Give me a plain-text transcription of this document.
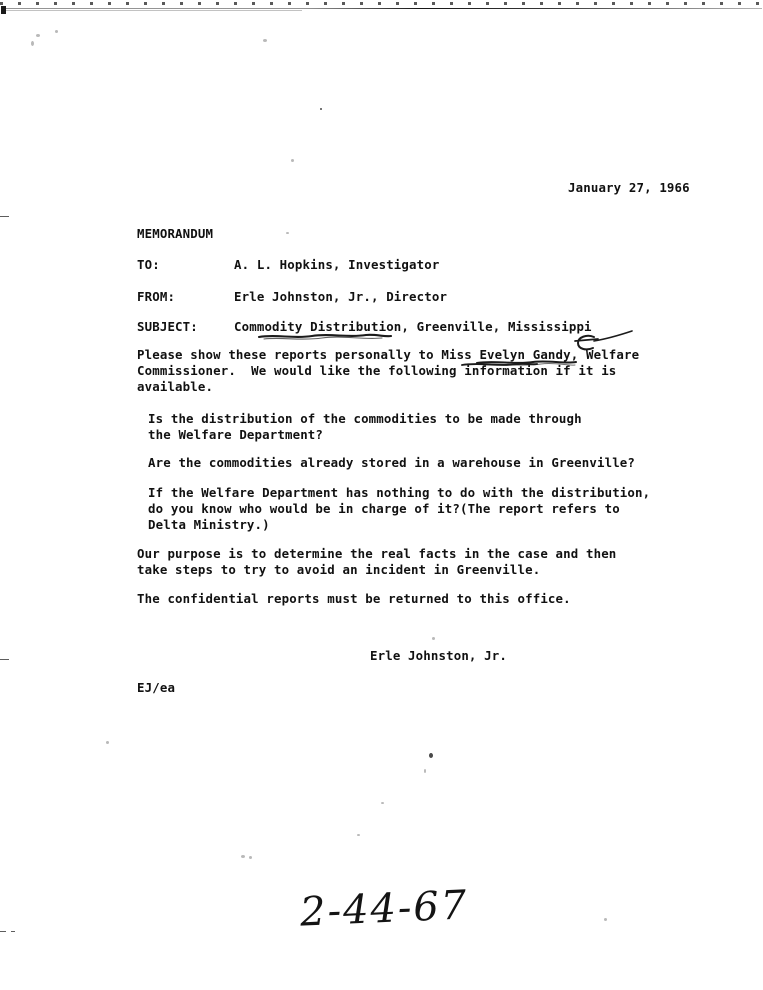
January 27, 1966
MEMORANDUM
TO:	A. L. Hopkins, Investigator
FROM:	Erle Johnston, Jr., Director
SUBJECT:	Commodity Distribution, Greenville, Mississippi
Please show these reports personally to Miss Evelyn Gandy, Welfare
Commissioner.  We would like the following information if it is
available.
Is the distribution of the commodities to be made through
the Welfare Department?
Are the commodities already stored in a warehouse in Greenville?
If the Welfare Department has nothing to do with the distribution,
do you know who would be in charge of it?(The report refers to
Delta Ministry.)
Our purpose is to determine the real facts in the case and then
take steps to try to avoid an incident in Greenville.
The confidential reports must be returned to this office.
Erle Johnston, Jr.
EJ/ea
2-44-67
